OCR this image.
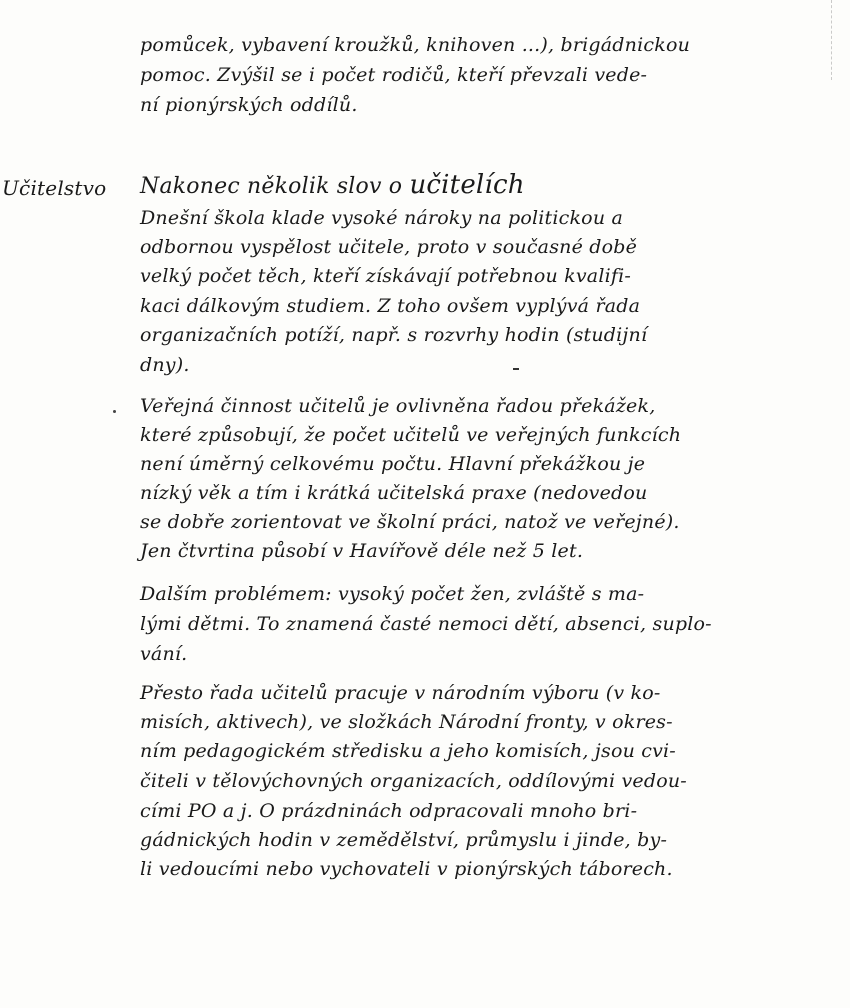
Učitelstvo Nakonec několik slov o učitelích

pomůcek, vybavení kroužků, knihoven ...), brigádnickou

pomoc. Zvýšil se i počet rodičů, kteří převzali vede-

ní pionýrských oddílů.

Dnešní škola klade vysoké nároky na politickou a

odbornou vyspělost učitele, proto v současné době

velký počet těch, kteří získávají potřebnou kvalifi-

kaci dálkovým studiem. Z toho ovšem vyplývá řada

organizačních potíží, např. s rozvrhy hodin (studijní

dny).

Veřejná činnost učitelů je ovlivněna řadou překážek,

které způsobují, že počet učitelů ve veřejných funkcích

není úměrný celkovému počtu. Hlavní překážkou je

nízký věk a tím i krátká učitelská praxe (nedovedou

se dobře zorientovat ve školní práci, natož ve veřejné).

Jen čtvrtina působí v Havířově déle než 5 let.

Dalším problémem: vysoký počet žen, zvláště s ma-

lými dětmi. To znamená časté nemoci dětí, absenci, suplo-

vání.

Přesto řada učitelů pracuje v národním výboru (v ko-

misích, aktivech), ve složkách Národní fronty, v okres-

ním pedagogickém středisku a jeho komisích, jsou cvi-

čiteli v tělovýchovných organizacích, oddílovými vedou-

cími PO a j. O prázdninách odpracovali mnoho bri-

gádnických hodin v zemědělství, průmyslu i jinde, by-

li vedoucími nebo vychovateli v pionýrských táborech.
